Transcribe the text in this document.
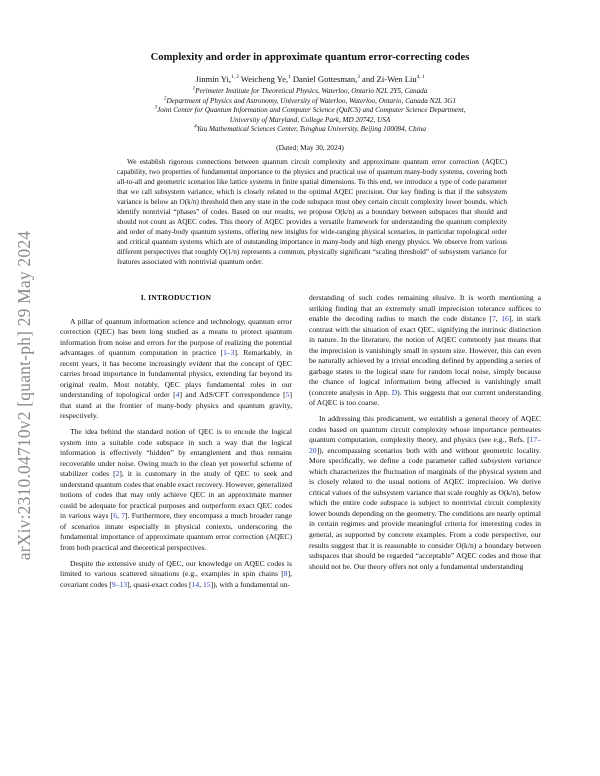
arXiv:2310.04710v2 [quant-ph] 29 May 2024
Complexity and order in approximate quantum error-correcting codes
Jinmin Yi,$^{1, 2}$ Weicheng Ye,$^1$ Daniel Gottesman,$^3$ and Zi-Wen Liu$^{4, 1}$
$^1$Perimeter Institute for Theoretical Physics, Waterloo, Ontario N2L 2Y5, Canada
$^2$Department of Physics and Astronomy, University of Waterloo, Waterloo, Ontario, Canada N2L 3G1
$^3$Joint Center for Quantum Information and Computer Science (QuICS) and Computer Science Department,
University of Maryland, College Park, MD 20742, USA
$^4$Yau Mathematical Sciences Center, Tsinghua University, Beijing 100084, China
(Dated: May 30, 2024)
We establish rigorous connections between quantum circuit complexity and approximate quantum error correction (AQEC) capability, two properties of fundamental importance to the physics and practical use of quantum many-body systems, covering both all-to-all and geometric scenarios like lattice systems in finite spatial dimensions. To this end, we introduce a type of code parameter that we call subsystem variance, which is closely related to the optimal AQEC precision. Our key finding is that if the subsystem variance is below an O(k/n) threshold then any state in the code subspace must obey certain circuit complexity lower bounds, which identify nontrivial “phases” of codes. Based on our results, we propose O(k/n) as a boundary between subspaces that should and should not count as AQEC codes. This theory of AQEC provides a versatile framework for understanding the quantum complexity and order of many-body quantum systems, offering new insights for wide-ranging physical scenarios, in particular topological order and critical quantum systems which are of outstanding importance in many-body and high energy physics. We observe from various different perspectives that roughly O(1/n) represents a common, physically significant “scaling threshold” of subsystem variance for features associated with nontrivial quantum order.
I. INTRODUCTION

A pillar of quantum information science and technology, quantum error correction (QEC) has been long studied as a means to protect quantum information from noise and errors for the purpose of realizing the potential advantages of quantum computation in practice [1–3]. Remarkably, in recent years, it has become increasingly evident that the concept of QEC carries broad importance in fundamental physics, extending far beyond its original realm. Most notably, QEC plays fundamental roles in our understanding of topological order [4] and AdS/CFT correspondence [5] that stand at the frontier of many-body physics and quantum gravity, respectively.

The idea behind the standard notion of QEC is to encode the logical system into a suitable code subspace in such a way that the logical information is effectively “hidden” by entanglement and thus remains recoverable under noise. Owing much to the clean yet powerful scheme of stabilizer codes [2], it is customary in the study of QEC to seek and understand quantum codes that enable exact recovery. However, generalized notions of codes that may only achieve QEC in an approximate manner could be adequate for practical purposes and outperform exact QEC codes in various ways [6, 7]. Furthermore, they encompass a much broader range of scenarios innate especially in physical contexts, underscoring the fundamental importance of approximate quantum error correction (AQEC) from both practical and theoretical perspectives.

Despite the extensive study of QEC, our knowledge on AQEC codes is limited to various scattered situations (e.g., examples in spin chains [8], covariant codes [9–13], quasi-exact codes [14, 15]), with a fundamental un-

derstanding of such codes remaining elusive. It is worth mentioning a striking finding that an extremely small imprecision tolerance suffices to enable the decoding radius to match the code distance [7, 16], in stark contrast with the situation of exact QEC, signifying the intrinsic distinction in nature. In the literature, the notion of AQEC commonly just means that the imprecision is vanishingly small in system size. However, this can even be naturally achieved by a trivial encoding defined by appending a series of garbage states to the logical state for random local noise, simply because the chance of logical information being affected is vanishingly small (concrete analysis in App. D). This suggests that our current understanding of AQEC is too coarse.

In addressing this predicament, we establish a general theory of AQEC codes based on quantum circuit complexity whose importance permeates quantum computation, complexity theory, and physics (see e.g., Refs. [17–20]), encompassing scenarios both with and without geometric locality. More specifically, we define a code parameter called subsystem variance which characterizes the fluctuation of marginals of the physical system and is closely related to the usual notions of AQEC imprecision. We derive critical values of the subsystem variance that scale roughly as O(k/n), below which the entire code subspace is subject to nontrivial circuit complexity lower bounds depending on the geometry. The conditions are nearly optimal in certain regimes and provide meaningful criteria for interesting codes in general, as supported by concrete examples. From a code perspective, our results suggest that it is reasonable to consider O(k/n) a boundary between subspaces that should be regarded “acceptable” AQEC codes and those that should not be. Our theory offers not only a fundamental understanding
